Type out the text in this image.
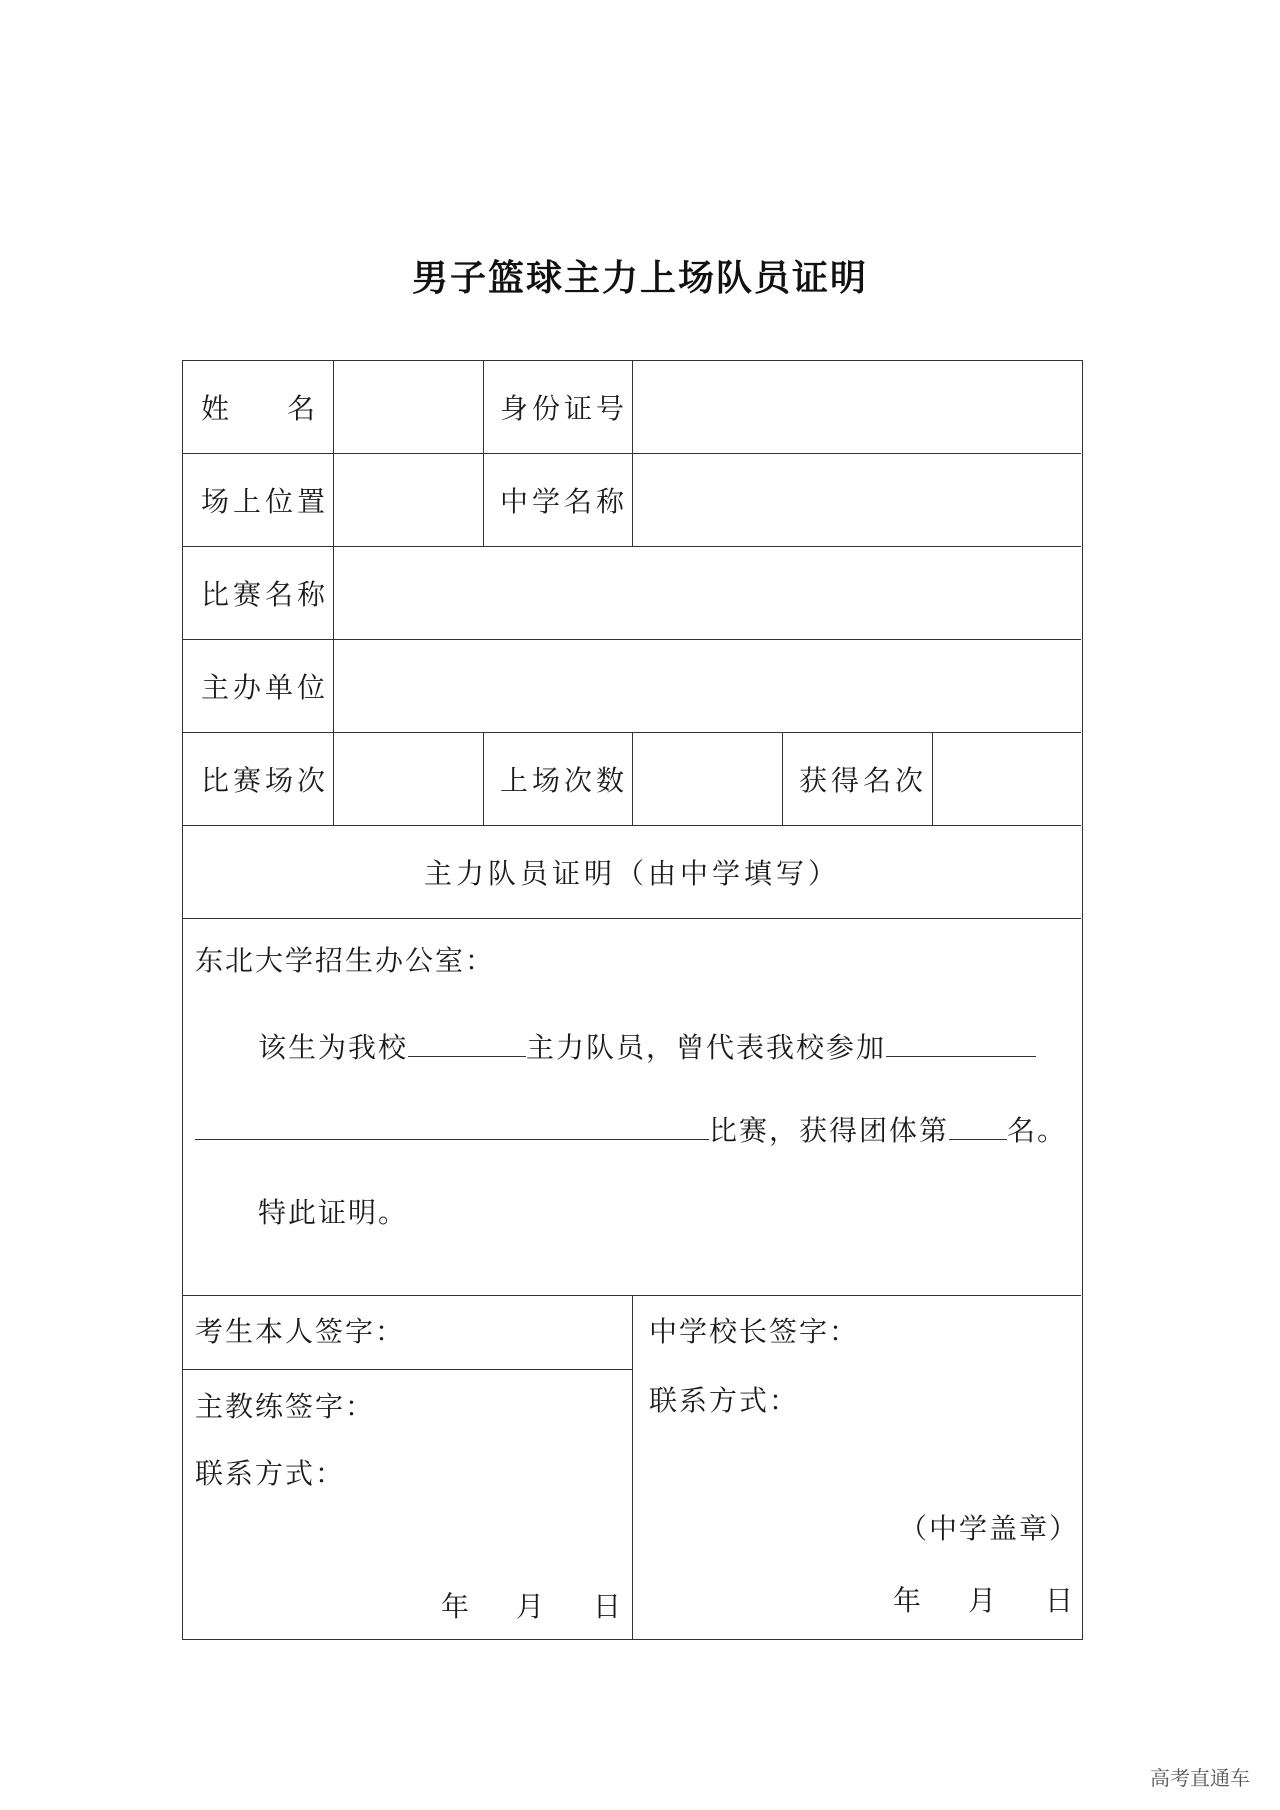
男子篮球主力上场队员证明
姓 名	身份证号
场上位置	中学名称
比赛名称
主办单位
比赛场次	上场次数	获得名次
主力队员证明（由中学填写）
东北大学招生办公室：
该生为我校	主力队员，曾代表我校参加
比赛，获得团体第 名。
特此证明。
考生本人签字：
主教练签字：
联系方式：
年 月 日
中学校长签字：
联系方式：
（中学盖章）
年 月 日
高考直通车
